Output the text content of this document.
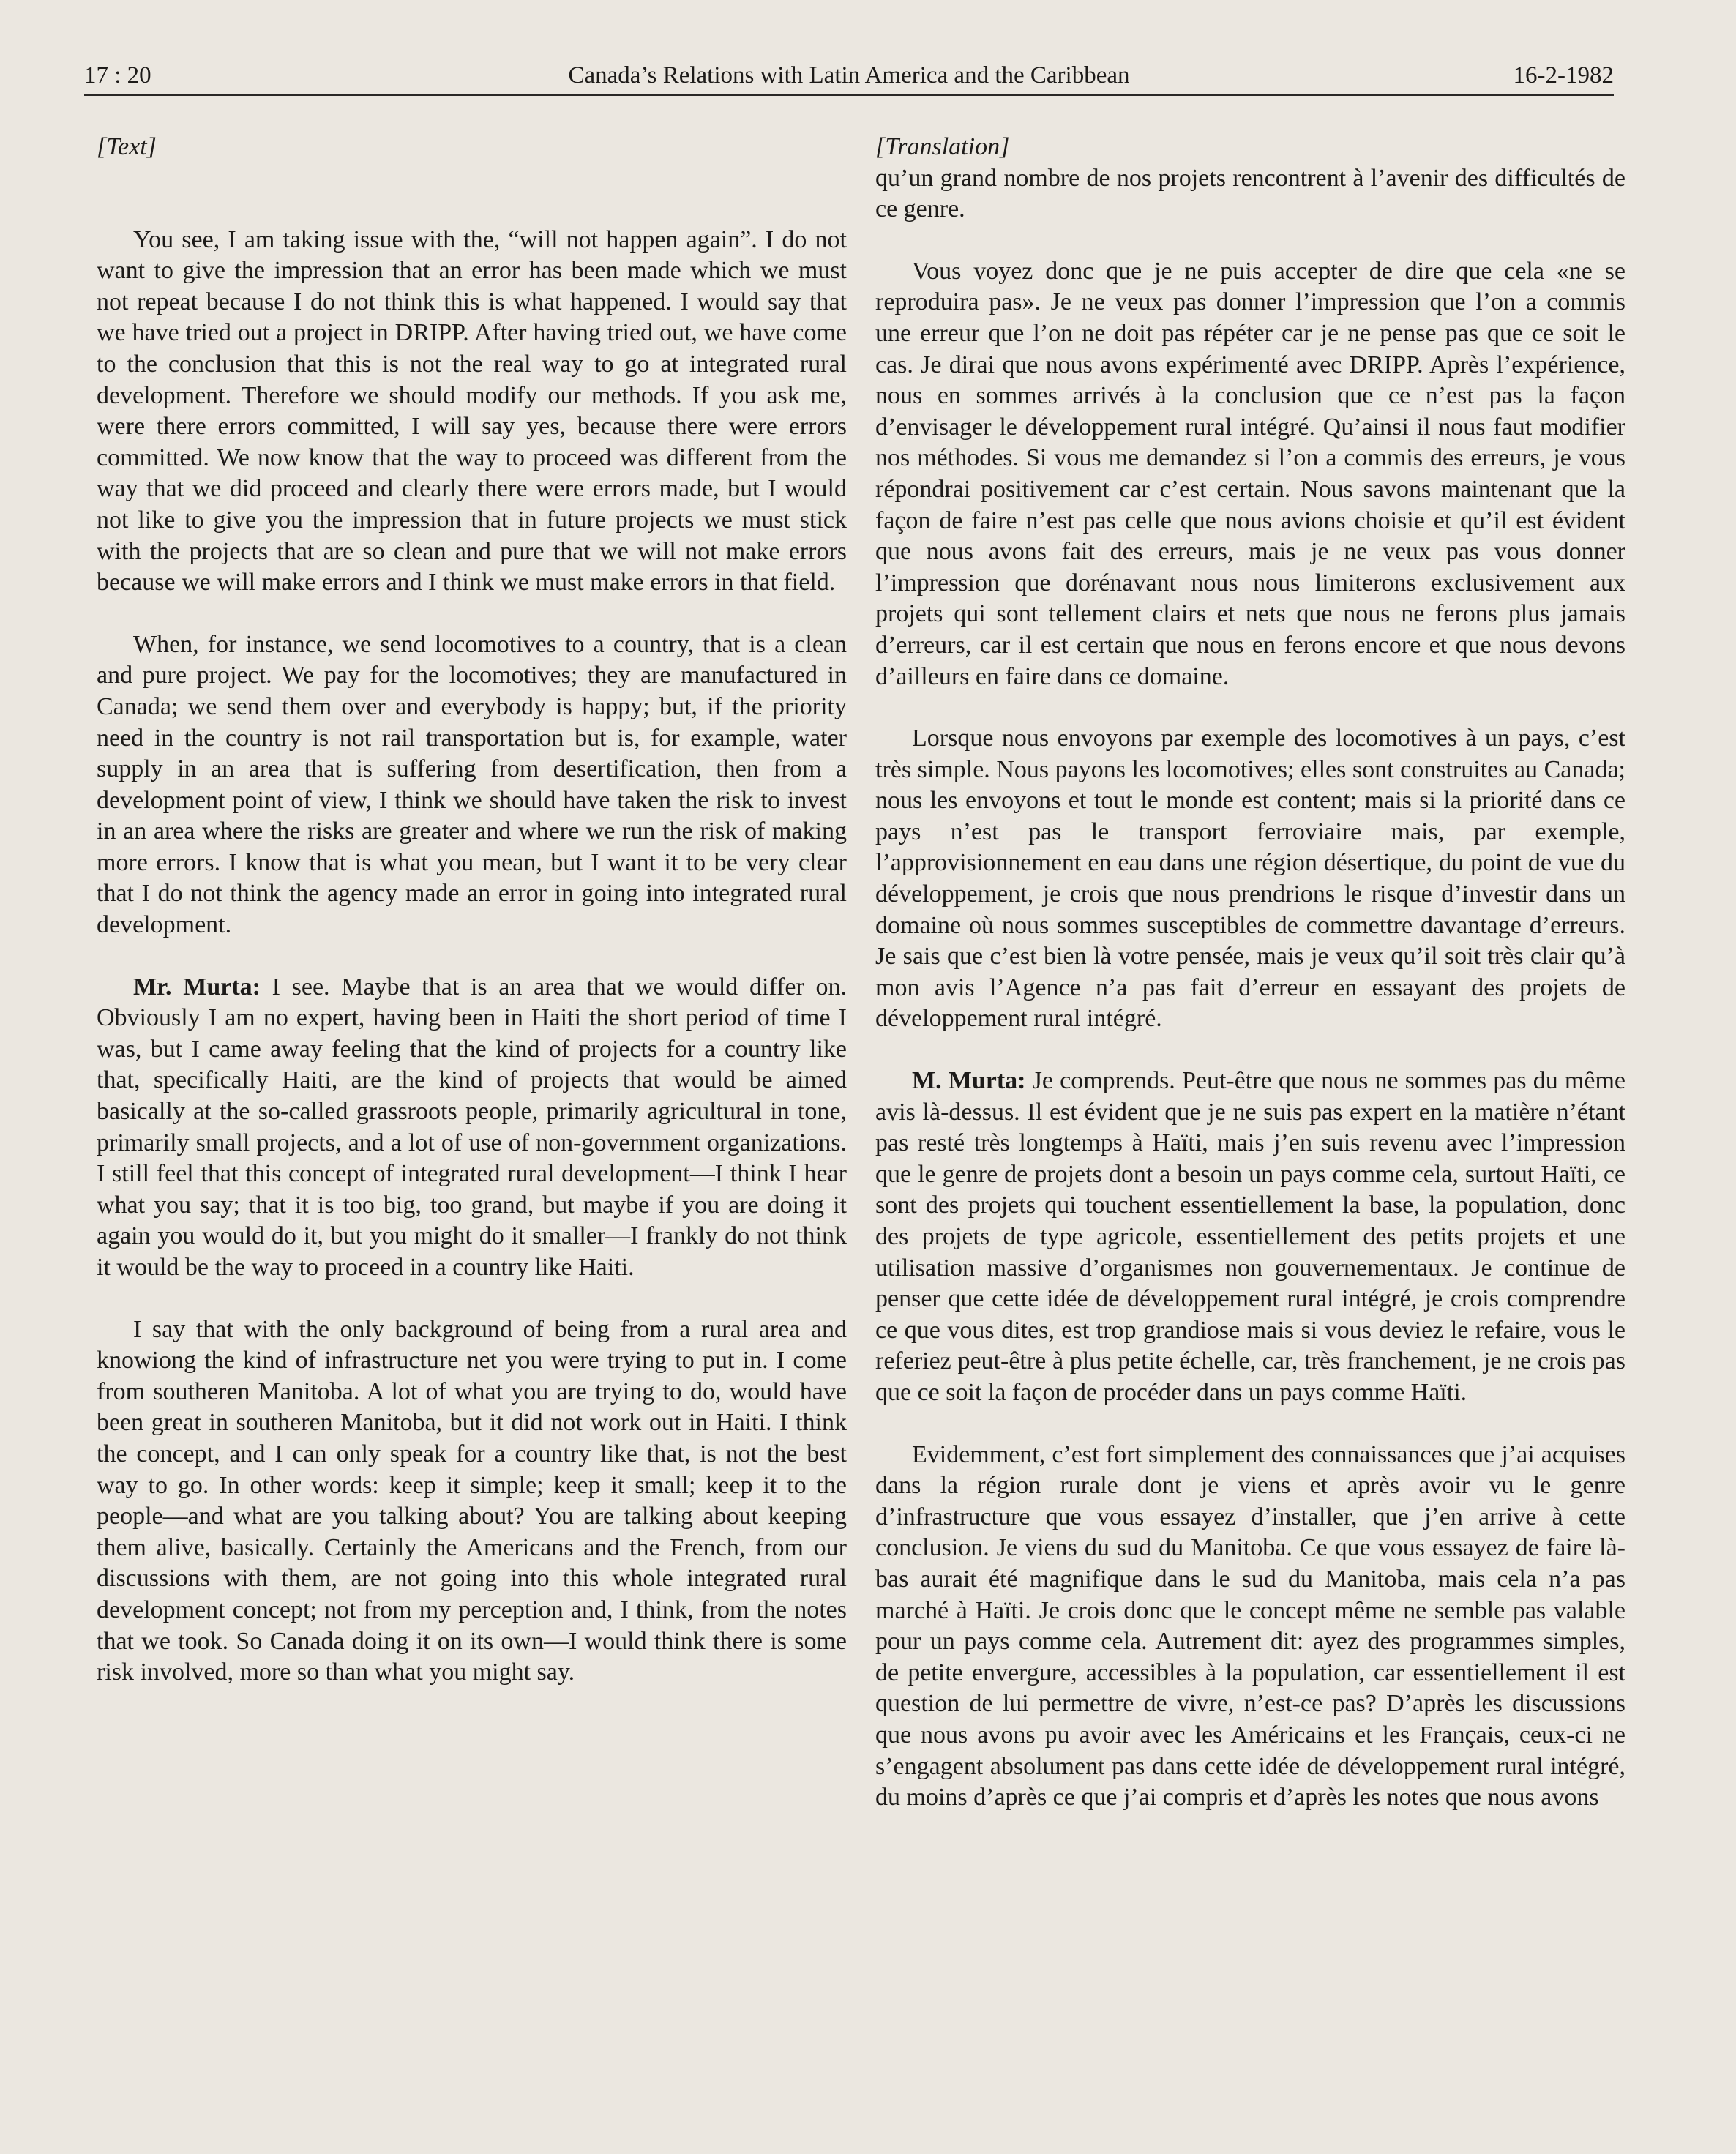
17 : 20	Canada’s Relations with Latin America and the Caribbean	16-2-1982

[Text]

You see, I am taking issue with the, “will not happen again”. I do not want to give the impression that an error has been made which we must not repeat because I do not think this is what happened. I would say that we have tried out a project in DRIPP. After having tried out, we have come to the conclusion that this is not the real way to go at integrated rural development. Therefore we should modify our methods. If you ask me, were there errors committed, I will say yes, because there were errors committed. We now know that the way to proceed was different from the way that we did proceed and clearly there were errors made, but I would not like to give you the impression that in future projects we must stick with the projects that are so clean and pure that we will not make errors because we will make errors and I think we must make errors in that field.

When, for instance, we send locomotives to a country, that is a clean and pure project. We pay for the locomotives; they are manufactured in Canada; we send them over and everybody is happy; but, if the priority need in the country is not rail transportation but is, for example, water supply in an area that is suffering from desertification, then from a development point of view, I think we should have taken the risk to invest in an area where the risks are greater and where we run the risk of making more errors. I know that is what you mean, but I want it to be very clear that I do not think the agency made an error in going into integrated rural development.

Mr. Murta: I see. Maybe that is an area that we would differ on. Obviously I am no expert, having been in Haiti the short period of time I was, but I came away feeling that the kind of projects for a country like that, specifically Haiti, are the kind of projects that would be aimed basically at the so-called grassroots people, primarily agricultural in tone, primarily small projects, and a lot of use of non-government organizations. I still feel that this concept of integrated rural development—I think I hear what you say; that it is too big, too grand, but maybe if you are doing it again you would do it, but you might do it smaller—I frankly do not think it would be the way to proceed in a country like Haiti.

I say that with the only background of being from a rural area and knowiong the kind of infrastructure net you were trying to put in. I come from southeren Manitoba. A lot of what you are trying to do, would have been great in southeren Manitoba, but it did not work out in Haiti. I think the concept, and I can only speak for a country like that, is not the best way to go. In other words: keep it simple; keep it small; keep it to the people—and what are you talking about? You are talking about keeping them alive, basically. Certainly the Americans and the French, from our discussions with them, are not going into this whole integrated rural development concept; not from my perception and, I think, from the notes that we took. So Canada doing it on its own—I would think there is some risk involved, more so than what you might say.

[Translation]

qu’un grand nombre de nos projets rencontrent à l’avenir des difficultés de ce genre.

Vous voyez donc que je ne puis accepter de dire que cela «ne se reproduira pas». Je ne veux pas donner l’impression que l’on a commis une erreur que l’on ne doit pas répéter car je ne pense pas que ce soit le cas. Je dirai que nous avons expérimenté avec DRIPP. Après l’expérience, nous en sommes arrivés à la conclusion que ce n’est pas la façon d’envisager le développement rural intégré. Qu’ainsi il nous faut modifier nos méthodes. Si vous me demandez si l’on a commis des erreurs, je vous répondrai positivement car c’est certain. Nous savons maintenant que la façon de faire n’est pas celle que nous avions choisie et qu’il est évident que nous avons fait des erreurs, mais je ne veux pas vous donner l’impression que dorénavant nous nous limiterons exclusivement aux projets qui sont tellement clairs et nets que nous ne ferons plus jamais d’erreurs, car il est certain que nous en ferons encore et que nous devons d’ailleurs en faire dans ce domaine.

Lorsque nous envoyons par exemple des locomotives à un pays, c’est très simple. Nous payons les locomotives; elles sont construites au Canada; nous les envoyons et tout le monde est content; mais si la priorité dans ce pays n’est pas le transport ferroviaire mais, par exemple, l’approvisionnement en eau dans une région désertique, du point de vue du développement, je crois que nous prendrions le risque d’investir dans un domaine où nous sommes susceptibles de commettre davantage d’erreurs. Je sais que c’est bien là votre pensée, mais je veux qu’il soit très clair qu’à mon avis l’Agence n’a pas fait d’erreur en essayant des projets de développement rural intégré.

M. Murta: Je comprends. Peut-être que nous ne sommes pas du même avis là-dessus. Il est évident que je ne suis pas expert en la matière n’étant pas resté très longtemps à Haïti, mais j’en suis revenu avec l’impression que le genre de projets dont a besoin un pays comme cela, surtout Haïti, ce sont des projets qui touchent essentiellement la base, la population, donc des projets de type agricole, essentiellement des petits projets et une utilisation massive d’organismes non gouvernementaux. Je continue de penser que cette idée de développement rural intégré, je crois comprendre ce que vous dites, est trop grandiose mais si vous deviez le refaire, vous le referiez peut-être à plus petite échelle, car, très franchement, je ne crois pas que ce soit la façon de procéder dans un pays comme Haïti.

Evidemment, c’est fort simplement des connaissances que j’ai acquises dans la région rurale dont je viens et après avoir vu le genre d’infrastructure que vous essayez d’installer, que j’en arrive à cette conclusion. Je viens du sud du Manitoba. Ce que vous essayez de faire là-bas aurait été magnifique dans le sud du Manitoba, mais cela n’a pas marché à Haïti. Je crois donc que le concept même ne semble pas valable pour un pays comme cela. Autrement dit: ayez des programmes simples, de petite envergure, accessibles à la population, car essentiellement il est question de lui permettre de vivre, n’est-ce pas? D’après les discussions que nous avons pu avoir avec les Américains et les Français, ceux-ci ne s’engagent absolument pas dans cette idée de développement rural intégré, du moins d’après ce que j’ai compris et d’après les notes que nous avons
